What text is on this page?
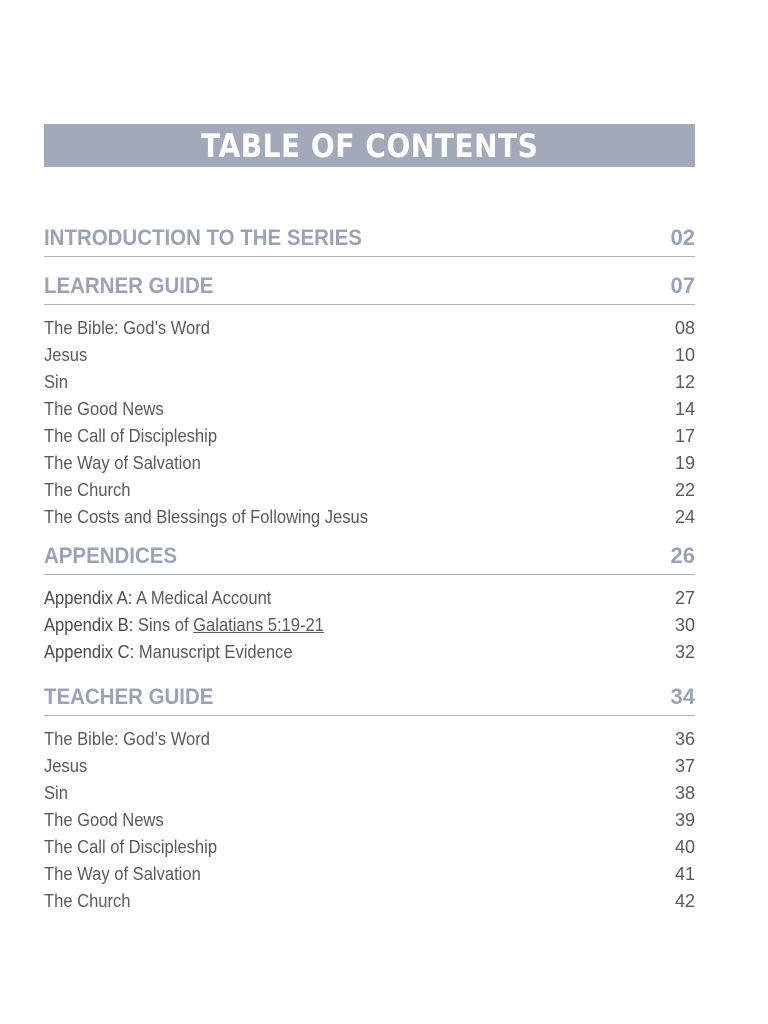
TABLE OF CONTENTS
INTRODUCTION TO THE SERIES	02
LEARNER GUIDE	07
The Bible: God’s Word	08
Jesus	10
Sin	12
The Good News	14
The Call of Discipleship	17
The Way of Salvation	19
The Church	22
The Costs and Blessings of Following Jesus	24
APPENDICES	26
Appendix A: A Medical Account	27
Appendix B: Sins of Galatians 5:19-21	30
Appendix C: Manuscript Evidence	32
TEACHER GUIDE	34
The Bible: God’s Word	36
Jesus	37
Sin	38
The Good News	39
The Call of Discipleship	40
The Way of Salvation	41
The Church	42
